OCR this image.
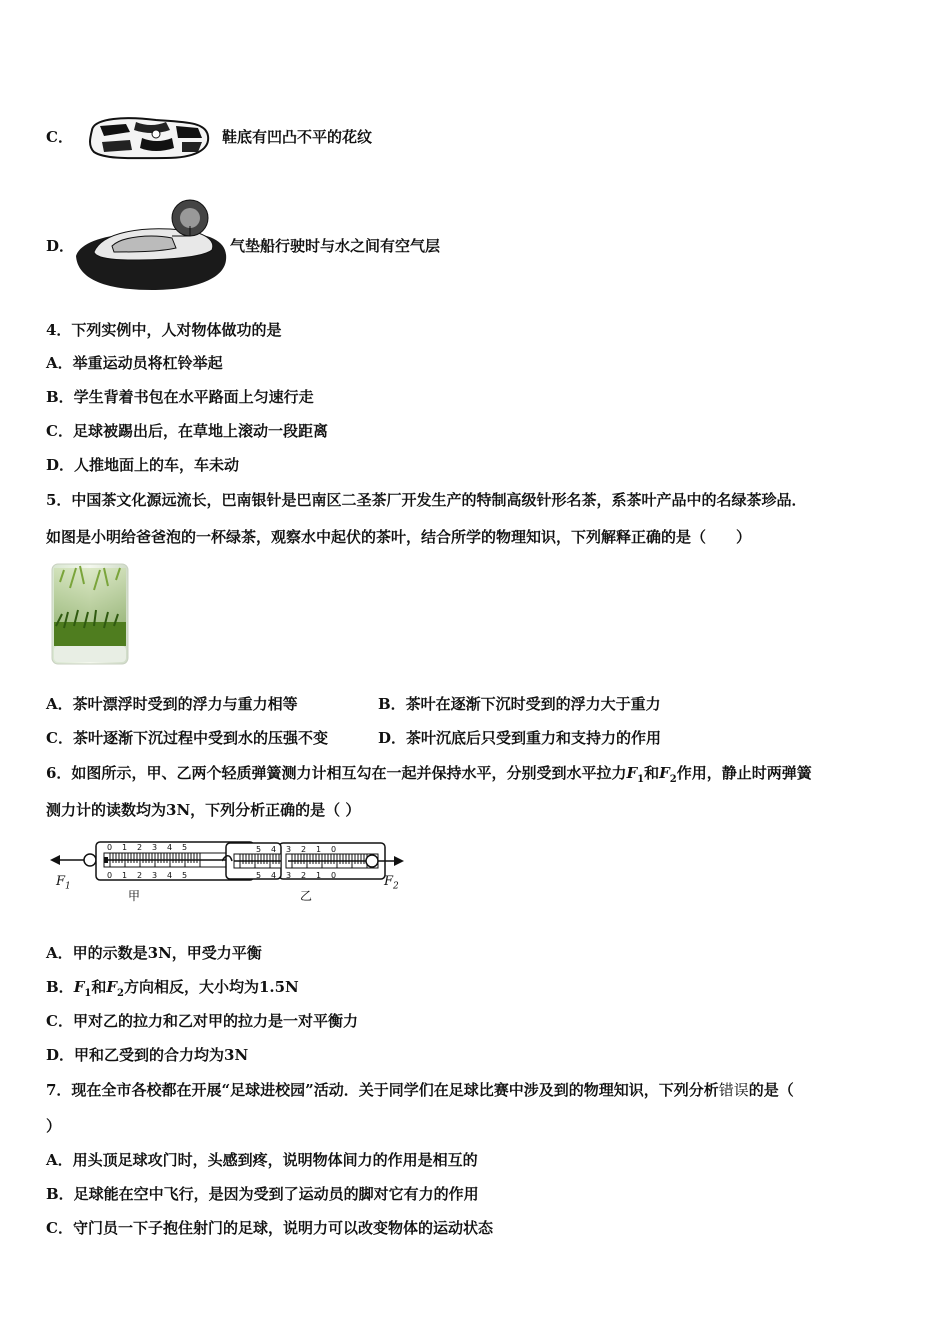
C．	鞋底有凹凸不平的花纹
D．	气垫船行驶时与水之间有空气层
4．下列实例中，人对物体做功的是
A．举重运动员将杠铃举起
B．学生背着书包在水平路面上匀速行走
C．足球被踢出后，在草地上滚动一段距离
D．人推地面上的车，车未动
5．中国茶文化源远流长，巴南银针是巴南区二圣茶厂开发生产的特制高级针形名茶，系茶叶产品中的名绿茶珍品．
如图是小明给爸爸泡的一杯绿茶，观察水中起伏的茶叶，结合所学的物理知识，下列解释正确的是（　　）
A．茶叶漂浮时受到的浮力与重力相等	B．茶叶在逐渐下沉时受到的浮力大于重力
C．茶叶逐渐下沉过程中受到水的压强不变	D．茶叶沉底后只受到重力和支持力的作用
6．如图所示，甲、乙两个轻质弹簧测力计相互勾在一起并保持水平，分别受到水平拉力$F_1$和$F_2$作用，静止时两弹簧
测力计的读数均为3N，下列分析正确的是（ ）
0 1 2 3 4 5
0 1 2 3 4 5
5 4 3 2 1 0
5 4 3 2 1 0
$F_1$	$F_2$
甲	乙
A．甲的示数是3N，甲受力平衡
B．$F_1$和$F_2$方向相反，大小均为1.5N
C．甲对乙的拉力和乙对甲的拉力是一对平衡力
D．甲和乙受到的合力均为3N
7．现在全市各校都在开展“足球进校园”活动．关于同学们在足球比赛中涉及到的物理知识，下列分析错误的是（
）
A．用头顶足球攻门时，头感到疼，说明物体间力的作用是相互的
B．足球能在空中飞行，是因为受到了运动员的脚对它有力的作用
C．守门员一下子抱住射门的足球，说明力可以改变物体的运动状态
